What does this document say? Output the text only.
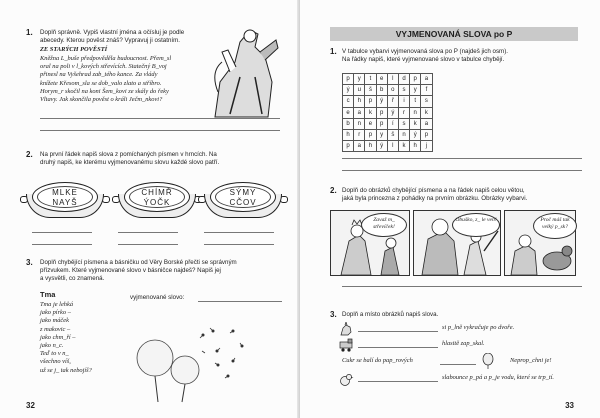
1. Doplň správně. Vypiš vlastní jména a očísluj je podle
abecedy. Kterou pověst znáš? Vypravuj ji ostatním.
ZE STARÝCH POVĚSTÍ
Kněžna L_buše předpověděla budoucnost. Přem_sl
oral na poli v l_kových střevících. Statečný B_voj
přinesl na Vyšehrad zab_tého kance. Za vlády
knížete Křesom_sla se dob_valo zlato a stříbro.
Horym_r skočil na koni Šem_kovi ze skály do řeky
Vltavy. Jak skončila pověst o králi Ječm_nkovi?
2. Na první řádek napiš slova z pomíchaných písmen v hrncích. Na
druhý napiš, ke kterému vyjmenovanému slovu každé slovo patří.
MLKE
NAYŠ
CHÍMŘ
ÝOČK
SÝMY
CČOV
3. Doplň chybějící písmena a básničku od Věry Borské přečti se správným
přízvukem. Které vyjmenované slovo v básničce najdeš? Napiš jej
a vysvětli, co znamená.
Tma
Tma je lehká
jako pírko –
jako máček
z makovic –
jako chm_ří –
jako n_c.
Teď to v n_
všechno víš,
už se j_ tak nebojíš?
vyjmenované slovo:
32
VYJMENOVANÁ SLOVA po P
1. V tabulce vybarvi vyjmenovaná slova po P (najdeš jich osm).
Na řádky napiš, které vyjmenované slovo v tabulce chybějí.
p	y	t	e	l	d	p	a
ý	u	š	b	o	s	y	f
c	h	p	ý	ř	i	t	s
e	a	k	p	ý	r	n	k
b	n	e	p	í	s	k	a
h	r	p	y	š	n	ý	p
p	a	h	ý	l	k	h	j
2. Doplň do obrázků chybějící písmena a na řádek napiš celou větou,
jaká byla princezna z pohádky na prvním obrázku. Obrázky vybarvi.
Zavaž m_ střevíček!
Obuško, z_ le ven!	Proč máš tak velký p_sk?
3. Doplň a místo obrázků napiš slova.
si p_lně vykračuje po dvoře.
hlasitě zap_skal.
Cukr se balí do pap_rových	Neprop_chni je!
slabounce p_pá a p_je vodu, které se trp_tí.
33
